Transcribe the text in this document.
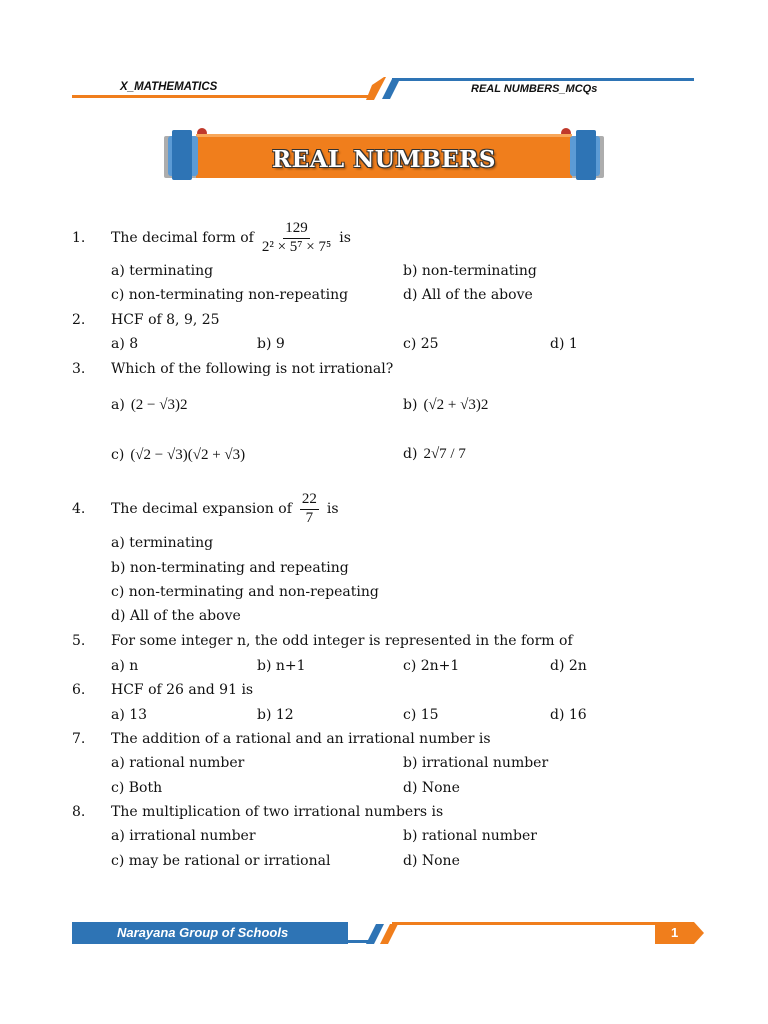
X_MATHEMATICS	REAL NUMBERS_MCQs
REAL NUMBERS
1. The decimal form of $\frac{129}{\text{2² × 5⁷ × 7⁵}}$ is
a) terminating	b) non-terminating
c) non-terminating non-repeating	d) All of the above
2. HCF of 8, 9, 25
a) 8	b) 9	c) 25	d) 1
3. Which of the following is not irrational?
a) (2 − √3)2	b) (√2 + √3)2
c) (√2 − √3)(√2 + √3)	d) 2√7 / 7
4. The decimal expansion of $\frac{22}{7}$ is
a) terminating
b) non-terminating and repeating
c) non-terminating and non-repeating
d) All of the above
5. For some integer n, the odd integer is represented in the form of
a) n	b) n+1	c) 2n+1	d) 2n
6. HCF of 26 and 91 is
a) 13	b) 12	c) 15	d) 16
7. The addition of a rational and an irrational number is
a) rational number	b) irrational number
c) Both	d) None
8. The multiplication of two irrational numbers is
a) irrational number	b) rational number
c) may be rational or irrational	d) None
Narayana Group of Schools	1
